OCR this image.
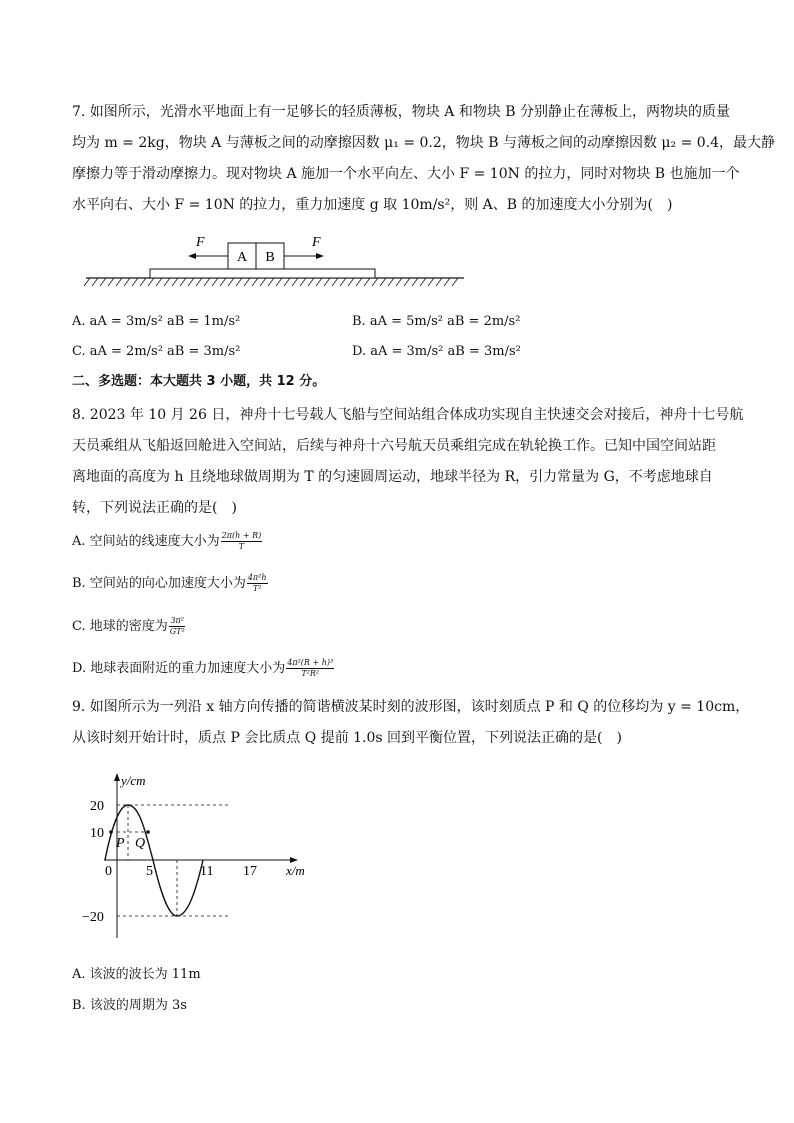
7. 如图所示，光滑水平地面上有一足够长的轻质薄板，物块 A 和物块 B 分别静止在薄板上，两物块的质量
均为 m = 2kg，物块 A 与薄板之间的动摩擦因数 μ₁ = 0.2，物块 B 与薄板之间的动摩擦因数 μ₂ = 0.4，最大静
摩擦力等于滑动摩擦力。现对物块 A 施加一个水平向左、大小 F = 10N 的拉力，同时对物块 B 也施加一个
水平向右、大小 F = 10N 的拉力，重力加速度 g 取 10m/s²，则 A、B 的加速度大小分别为(　)
A B
F	F
A. aA = 3m/s² aB = 1m/s²	B. aA = 5m/s² aB = 2m/s²
C. aA = 2m/s² aB = 3m/s²	D. aA = 3m/s² aB = 3m/s²
二、多选题：本大题共 3 小题，共 12 分。
8. 2023 年 10 月 26 日，神舟十七号载人飞船与空间站组合体成功实现自主快速交会对接后，神舟十七号航
天员乘组从飞船返回舱进入空间站，后续与神舟十六号航天员乘组完成在轨轮换工作。已知中国空间站距
离地面的高度为 h 且绕地球做周期为 T 的匀速圆周运动，地球半径为 R，引力常量为 G，不考虑地球自
转，下列说法正确的是(　)
A. 空间站的线速度大小为 $\frac{2\pi(h + R)}{T}$
B. 空间站的向心加速度大小为 $\frac{\text{4π²h}}{\text{T²}}$
C. 地球的密度为 $\frac{\text{3π²}}{\text{GT²}}$
D. 地球表面附近的重力加速度大小为 $\frac{\text{4π²(R + h)³}}{\text{T²R²}}$
9. 如图所示为一列沿 x 轴方向传播的简谐横波某时刻的波形图，该时刻质点 P 和 Q 的位移均为 y = 10cm，
从该时刻开始计时，质点 P 会比质点 Q 提前 1.0s 回到平衡位置，下列说法正确的是(　)
y/cm
x/m
20
10
−20
0 5	11 17
P Q
A. 该波的波长为 11m
B. 该波的周期为 3s
